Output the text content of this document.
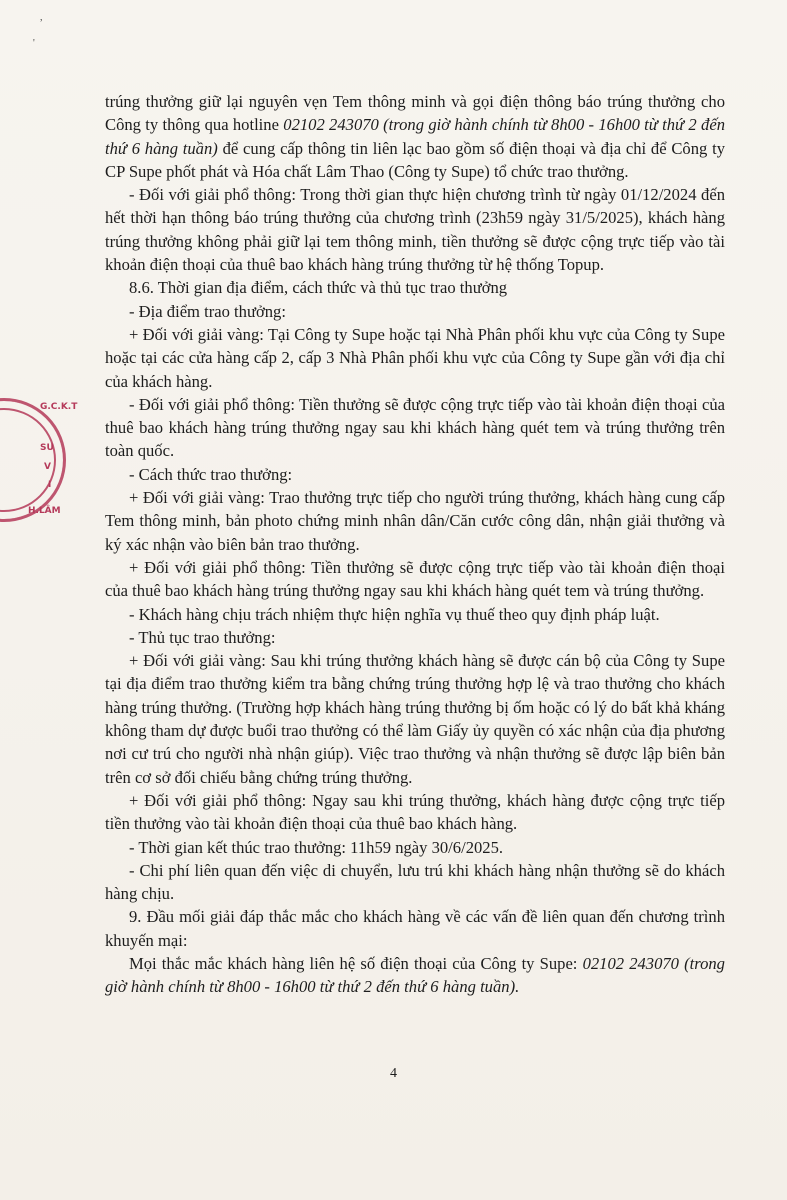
,
'
G.C.K.T
SU
V
I
H.LÂM

trúng thưởng giữ lại nguyên vẹn Tem thông minh và gọi điện thông báo trúng thưởng cho Công ty thông qua hotline 02102 243070 (trong giờ hành chính từ 8h00 - 16h00 từ thứ 2 đến thứ 6 hàng tuần) để cung cấp thông tin liên lạc bao gồm số điện thoại và địa chỉ để Công ty CP Supe phốt phát và Hóa chất Lâm Thao (Công ty Supe) tổ chức trao thưởng.

- Đối với giải phổ thông: Trong thời gian thực hiện chương trình từ ngày 01/12/2024 đến hết thời hạn thông báo trúng thưởng của chương trình (23h59 ngày 31/5/2025), khách hàng trúng thưởng không phải giữ lại tem thông minh, tiền thưởng sẽ được cộng trực tiếp vào tài khoản điện thoại của thuê bao khách hàng trúng thưởng từ hệ thống Topup.

8.6. Thời gian địa điểm, cách thức và thủ tục trao thưởng

- Địa điểm trao thưởng:

+ Đối với giải vàng: Tại Công ty Supe hoặc tại Nhà Phân phối khu vực của Công ty Supe hoặc tại các cửa hàng cấp 2, cấp 3 Nhà Phân phối khu vực của Công ty Supe gần với địa chỉ của khách hàng.

- Đối với giải phổ thông: Tiền thưởng sẽ được cộng trực tiếp vào tài khoản điện thoại của thuê bao khách hàng trúng thưởng ngay sau khi khách hàng quét tem và trúng thưởng trên toàn quốc.

- Cách thức trao thưởng:

+ Đối với giải vàng: Trao thưởng trực tiếp cho người trúng thưởng, khách hàng cung cấp Tem thông minh, bản photo chứng minh nhân dân/Căn cước công dân, nhận giải thưởng và ký xác nhận vào biên bản trao thưởng.

+ Đối với giải phổ thông: Tiền thưởng sẽ được cộng trực tiếp vào tài khoản điện thoại của thuê bao khách hàng trúng thưởng ngay sau khi khách hàng quét tem và trúng thưởng.

- Khách hàng chịu trách nhiệm thực hiện nghĩa vụ thuế theo quy định pháp luật.

- Thủ tục trao thưởng:

+ Đối với giải vàng: Sau khi trúng thưởng khách hàng sẽ được cán bộ của Công ty Supe tại địa điểm trao thưởng kiểm tra bằng chứng trúng thưởng hợp lệ và trao thưởng cho khách hàng trúng thưởng. (Trường hợp khách hàng trúng thưởng bị ốm hoặc có lý do bất khả kháng không tham dự được buổi trao thưởng có thể làm Giấy ủy quyền có xác nhận của địa phương nơi cư trú cho người nhà nhận giúp). Việc trao thưởng và nhận thưởng sẽ được lập biên bản trên cơ sở đối chiếu bằng chứng trúng thưởng.

+ Đối với giải phổ thông: Ngay sau khi trúng thưởng, khách hàng được cộng trực tiếp tiền thưởng vào tài khoản điện thoại của thuê bao khách hàng.

- Thời gian kết thúc trao thưởng: 11h59 ngày 30/6/2025.

- Chi phí liên quan đến việc di chuyển, lưu trú khi khách hàng nhận thưởng sẽ do khách hàng chịu.

9. Đầu mối giải đáp thắc mắc cho khách hàng về các vấn đề liên quan đến chương trình khuyến mại:

Mọi thắc mắc khách hàng liên hệ số điện thoại của Công ty Supe: 02102 243070 (trong giờ hành chính từ 8h00 - 16h00 từ thứ 2 đến thứ 6 hàng tuần).

4
